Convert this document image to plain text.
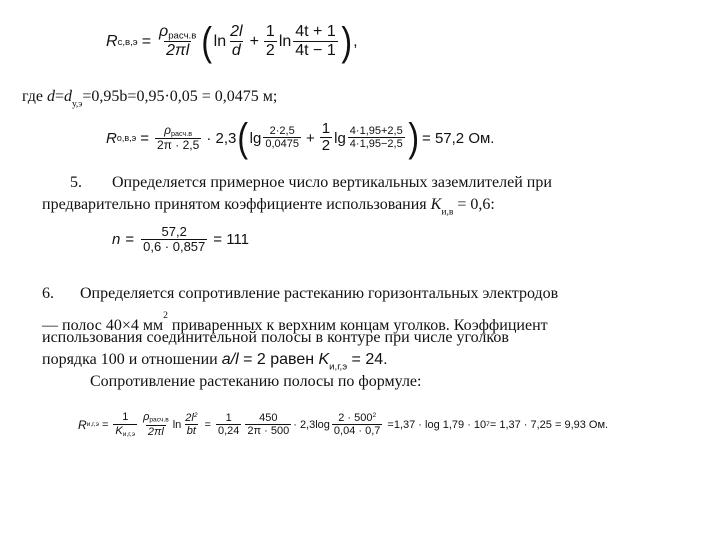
R $с,в,э = \frac{\text{ρрасч.в}}{2\pi l}$ ( $\ln \frac{2l}{d} + \frac{1}{2}$ $\ln \frac{4t + 1}{4t - 1}$ ) ,
где $d=d_{у,э}=0,95b=0,95\cdot 0,05 = 0,0475$ м;
R $о,в,э = \frac{\text{ρрасч.в}}{2\pi \cdot 2,5} \cdot 2,3$ ( $\lg \frac{2\cdot 2,5}{0,0475} + \frac{1}{2}$ $\lg \frac{4\cdot 1,95+2,5}{4\cdot 1,95-2,5}$ ) = 57,2 Ом.
5. Определяется примерное число вертикальных заземлителей при
предварительно принятом коэффициенте использования $K_{и,в} = 0,6$:
$n = \frac{57,2}{0,6 \cdot 0,857} = 111$
6. Определяется сопротивление растеканию горизонтальных электродов
— полос 40×4 $мм^2$ приваренных к верхним концам уголков. Коэффициент
использования соединительной полосы в контуре при числе уголков
порядка 100 и отношении a/l = 2 равен $K_{и,г,э} = 24$.
Сопротивление растеканию полосы по формуле:
R $и,г,э = \frac{1}{Kи,г,э} \frac{\text{ρрасч.в}}{2\pi l}$ $\ln \frac{2l^2}{bt} = \frac{1}{0,24} \frac{450}{2\pi \cdot 500} \cdot 2,3\log \frac{2 \cdot 500^2}{0,04 \cdot 0,7} =1,37 \cdot \log 1,79 \cdot 10$ 7 = 1,37 · 7,25 = 9,93 Ом.
